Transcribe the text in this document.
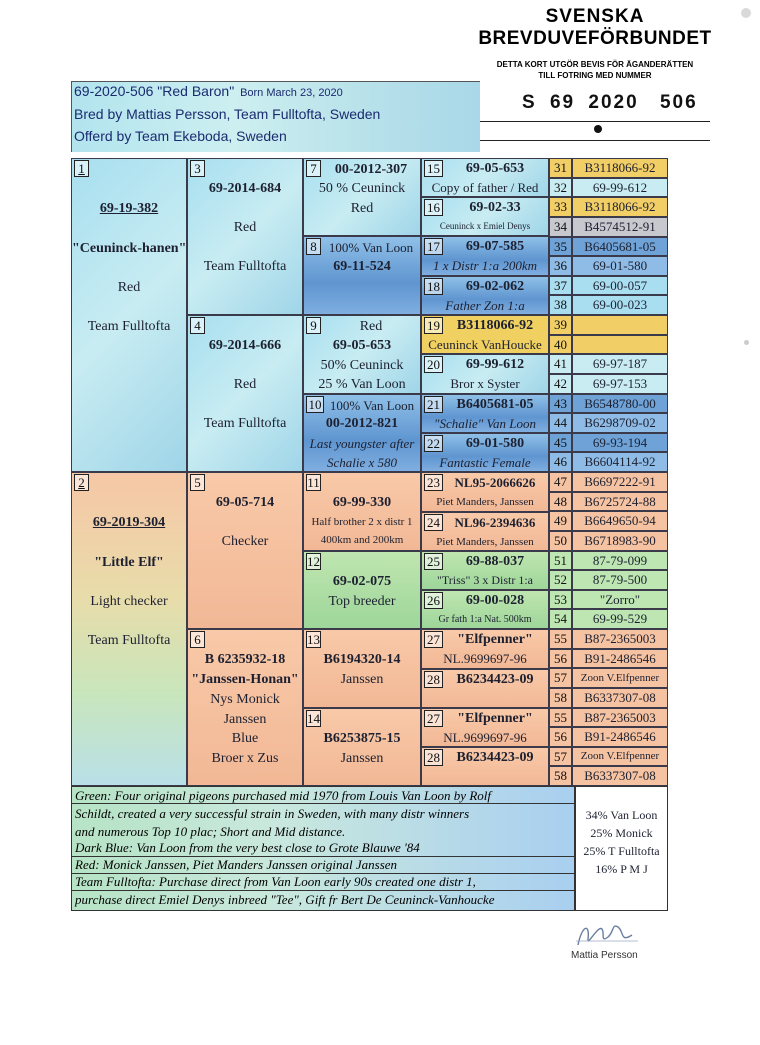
SVENSKA
BREVDUVEFÖRBUNDET
DETTA KORT UTGÖR BEVIS FÖR ÄGANDERÄTTEN
TILL FOTRING MED NUMMER
S 69 2020 506
69-2020-506 "Red Baron" Born March 23, 2020
Bred by Mattias Persson, Team Fulltofta, Sweden
Offerd by Team Ekeboda, Sweden
1
69-19-382
"Ceuninck-hanen"
Red
Team Fulltofta
2
69-2019-304
"Little Elf"
Light checker
Team Fulltofta
3
69-2014-684
Red
Team Fulltofta
4
69-2014-666
Red
Team Fulltofta
5
69-05-714
Checker
6
B 6235932-18
"Janssen-Honan"
Nys Monick
Janssen
Blue
Broer x Zus
7	00-2012-307
50 % Ceuninck
Red
8 100% Van Loon
69-11-524
9	Red
69-05-653
50% Ceuninck
25 % Van Loon
10 100% Van Loon
00-2012-821
Last youngster after
Schalie x 580
11
69-99-330
Half brother 2 x distr 1
400km and 200km
12
69-02-075
Top breeder
13
B6194320-14
Janssen
14
B6253875-15
Janssen
15	69-05-653
Copy of father / Red
16	69-02-33
Ceuninck x Emiel Denys
17	69-07-585
1 x Distr 1:a 200km
18	69-02-062
Father Zon 1:a
19	B3118066-92
Ceuninck VanHoucke
20	69-99-612
Bror x Syster
21	B6405681-05
"Schalie" Van Loon
22	69-01-580
Fantastic Female
23	NL95-2066626
Piet Manders, Janssen
24	NL96-2394636
Piet Manders, Janssen
25	69-88-037
"Triss" 3 x Distr 1:a
26	69-00-028
Gr fath 1:a Nat. 500km
27	"Elfpenner"
NL.9699697-96
28	B6234423-09
27	"Elfpenner"
NL.9699697-96
28	B6234423-09
31	B3118066-92
32	69-99-612
33	B3118066-92
34	B4574512-91
35	B6405681-05
36	69-01-580
37	69-00-057
38	69-00-023
39
40
41	69-97-187
42	69-97-153
43	B6548780-00
44	B6298709-02
45	69-93-194
46	B6604114-92
47	B6697222-91
48	B6725724-88
49	B6649650-94
50	B6718983-90
51	87-79-099
52	87-79-500
53	"Zorro"
54	69-99-529
55	B87-2365003
56	B91-2486546
57	Zoon V.Elfpenner
58	B6337307-08
55	B87-2365003
56	B91-2486546
57	Zoon V.Elfpenner
58	B6337307-08
Green: Four original pigeons purchased mid 1970 from Louis Van Loon by Rolf
Schildt, created a very successful strain in Sweden, with many distr winners
and numerous Top 10 plac; Short and Mid distance.
Dark Blue: Van Loon from the very best close to Grote Blauwe '84
Red: Monick Janssen, Piet Manders Janssen original Janssen
Team Fulltofta: Purchase direct from Van Loon early 90s created one distr 1,
purchase direct Emiel Denys inbreed "Tee", Gift fr Bert De Ceuninck-Vanhoucke
34% Van Loon
25% Monick
25% T Fulltofta
16% P M J
Mattia Persson
